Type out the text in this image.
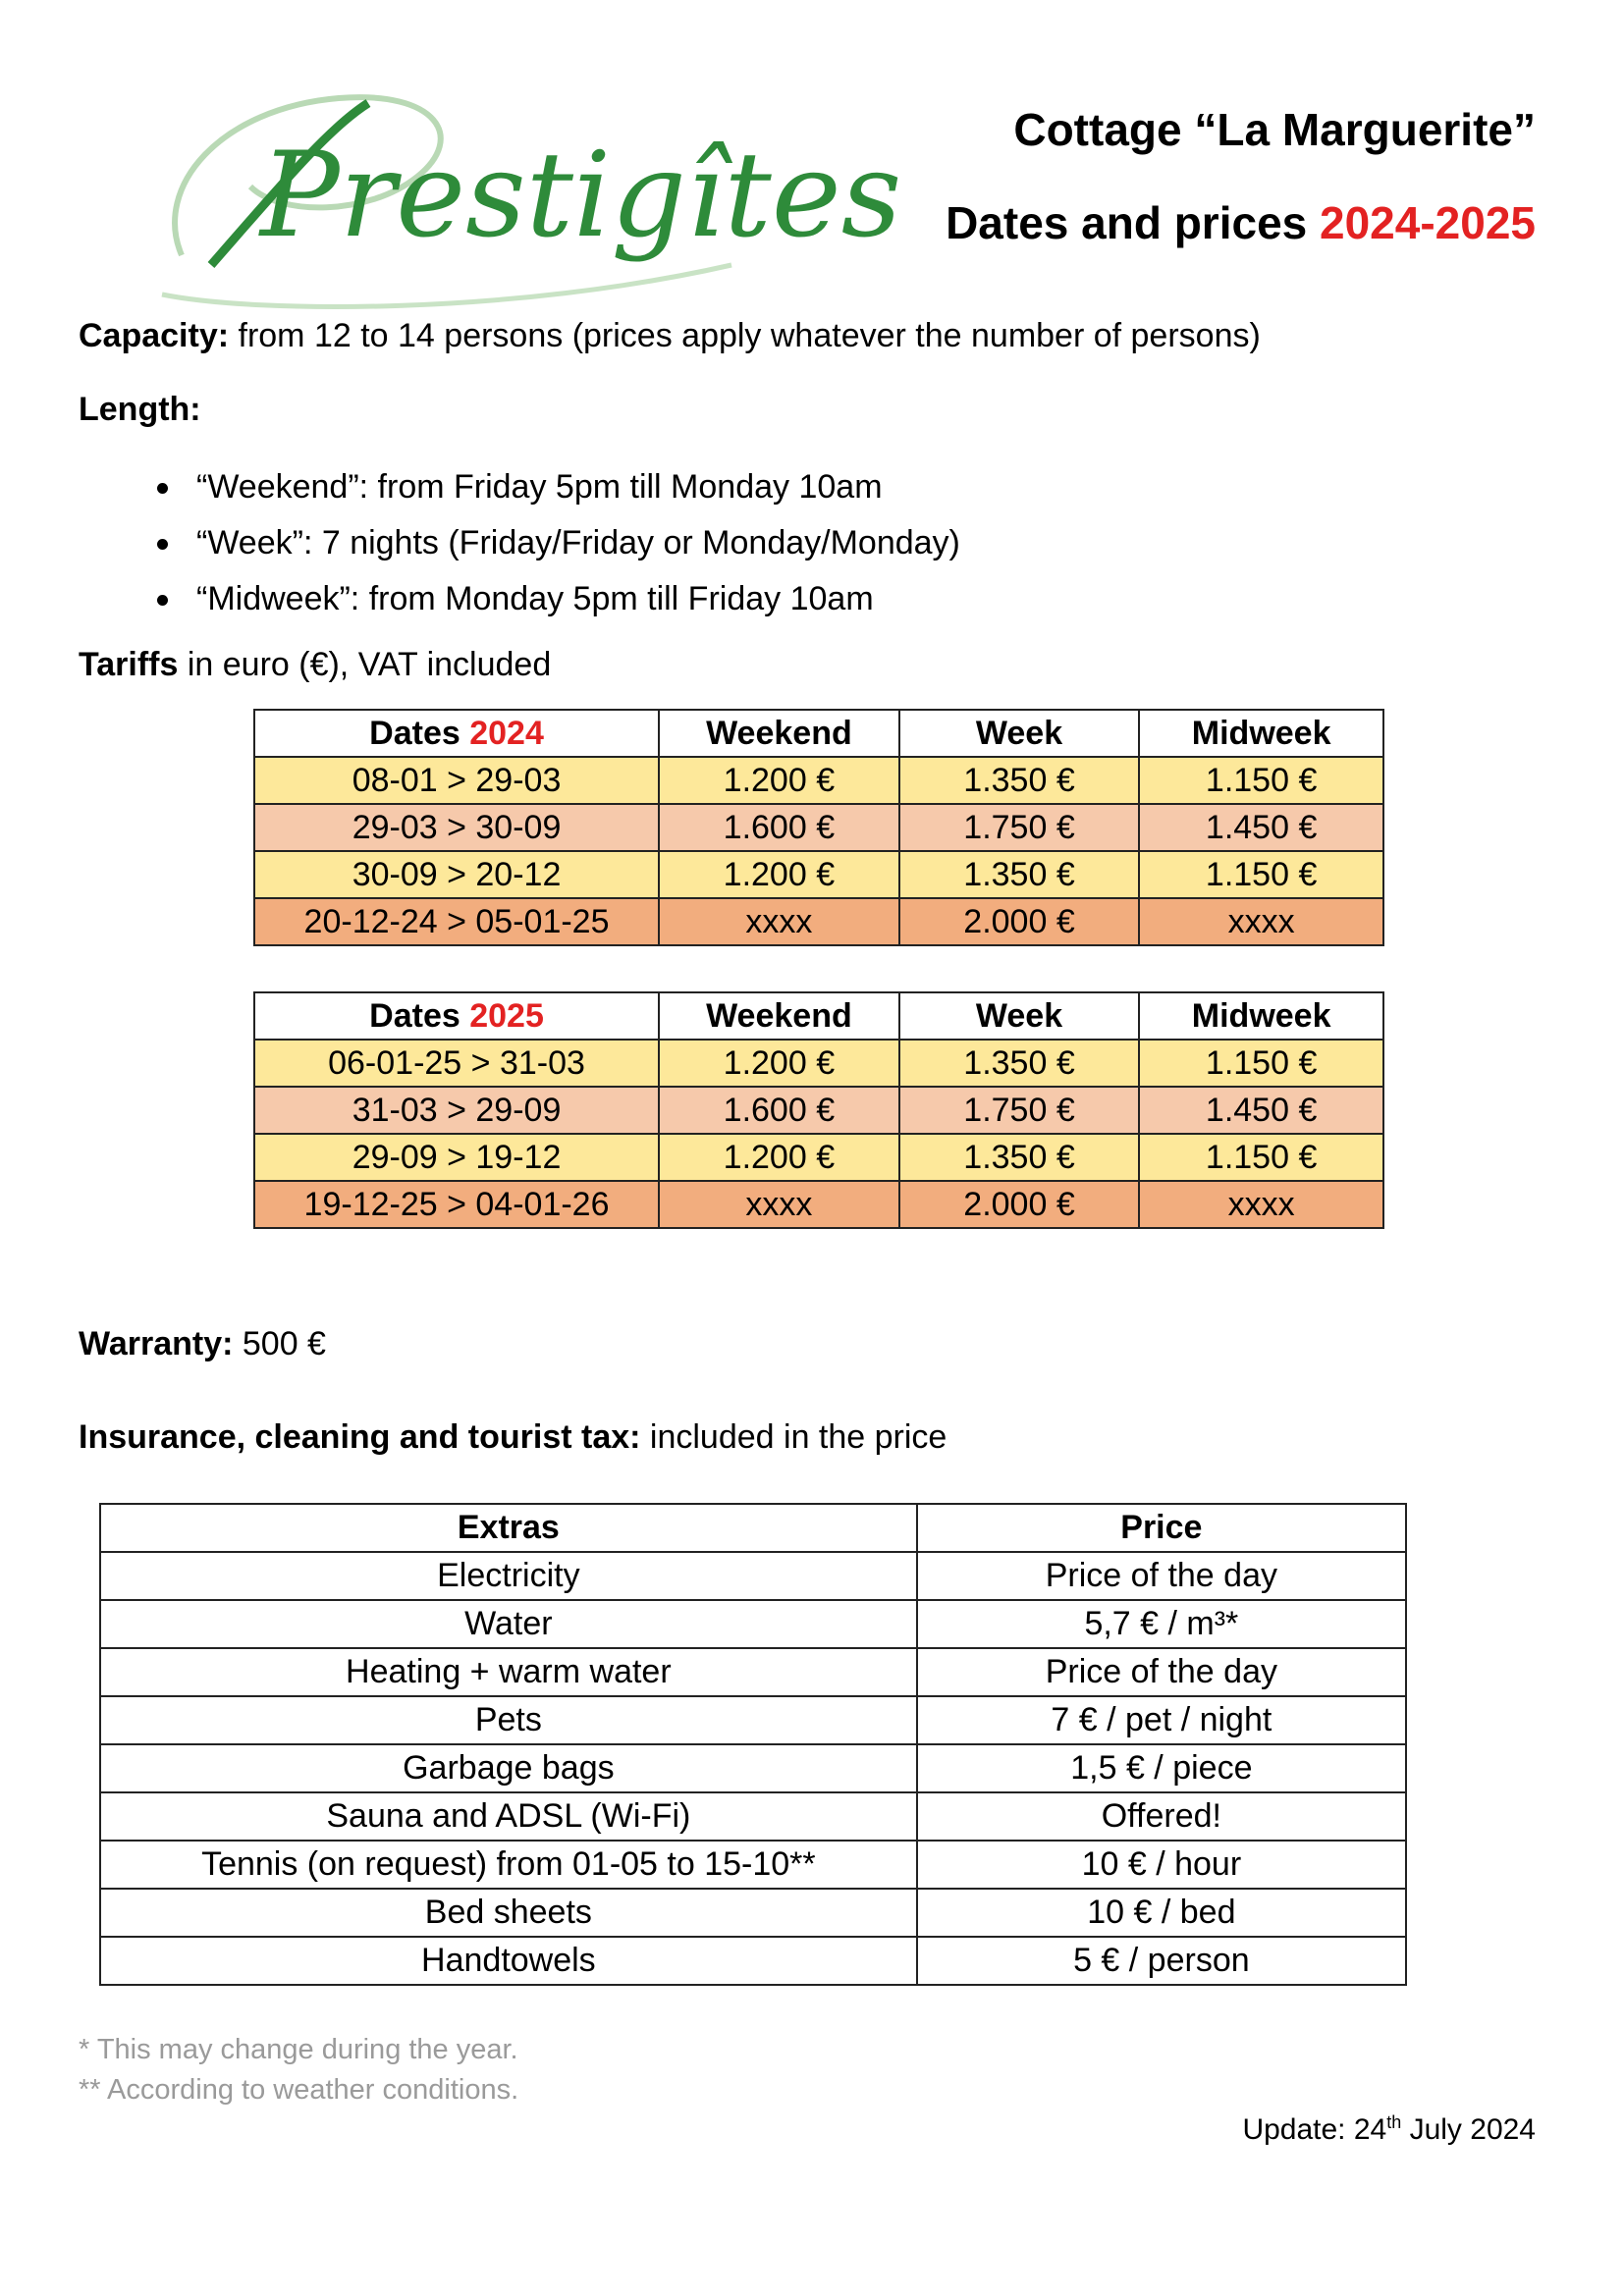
Prestigîtes Cottage “La Marguerite”
Dates and prices 2024-2025
Capacity: from 12 to 14 persons (prices apply whatever the number of persons)
Length:
“Weekend”: from Friday 5pm till Monday 10am
“Week”: 7 nights (Friday/Friday or Monday/Monday)
“Midweek”: from Monday 5pm till Friday 10am
Tariffs in euro (€), VAT included
Dates 2024	Weekend	Week	Midweek
08-01 > 29-03	1.200 €	1.350 €	1.150 €
29-03 > 30-09	1.600 €	1.750 €	1.450 €
30-09 > 20-12	1.200 €	1.350 €	1.150 €
20-12-24 > 05-01-25	xxxx	2.000 €	xxxx
Dates 2025	Weekend	Week	Midweek
06-01-25 > 31-03	1.200 €	1.350 €	1.150 €
31-03 > 29-09	1.600 €	1.750 €	1.450 €
29-09 > 19-12	1.200 €	1.350 €	1.150 €
19-12-25 > 04-01-26	xxxx	2.000 €	xxxx
Warranty: 500 €
Insurance, cleaning and tourist tax: included in the price
Extras	Price
Electricity	Price of the day
Water	5,7 € / m³*
Heating + warm water	Price of the day
Pets	7 € / pet / night
Garbage bags	1,5 € / piece
Sauna and ADSL (Wi-Fi)	Offered!
Tennis (on request) from 01-05 to 15-10**	10 € / hour
Bed sheets	10 € / bed
Handtowels	5 € / person
* This may change during the year.
** According to weather conditions.
Update: 24th July 2024
